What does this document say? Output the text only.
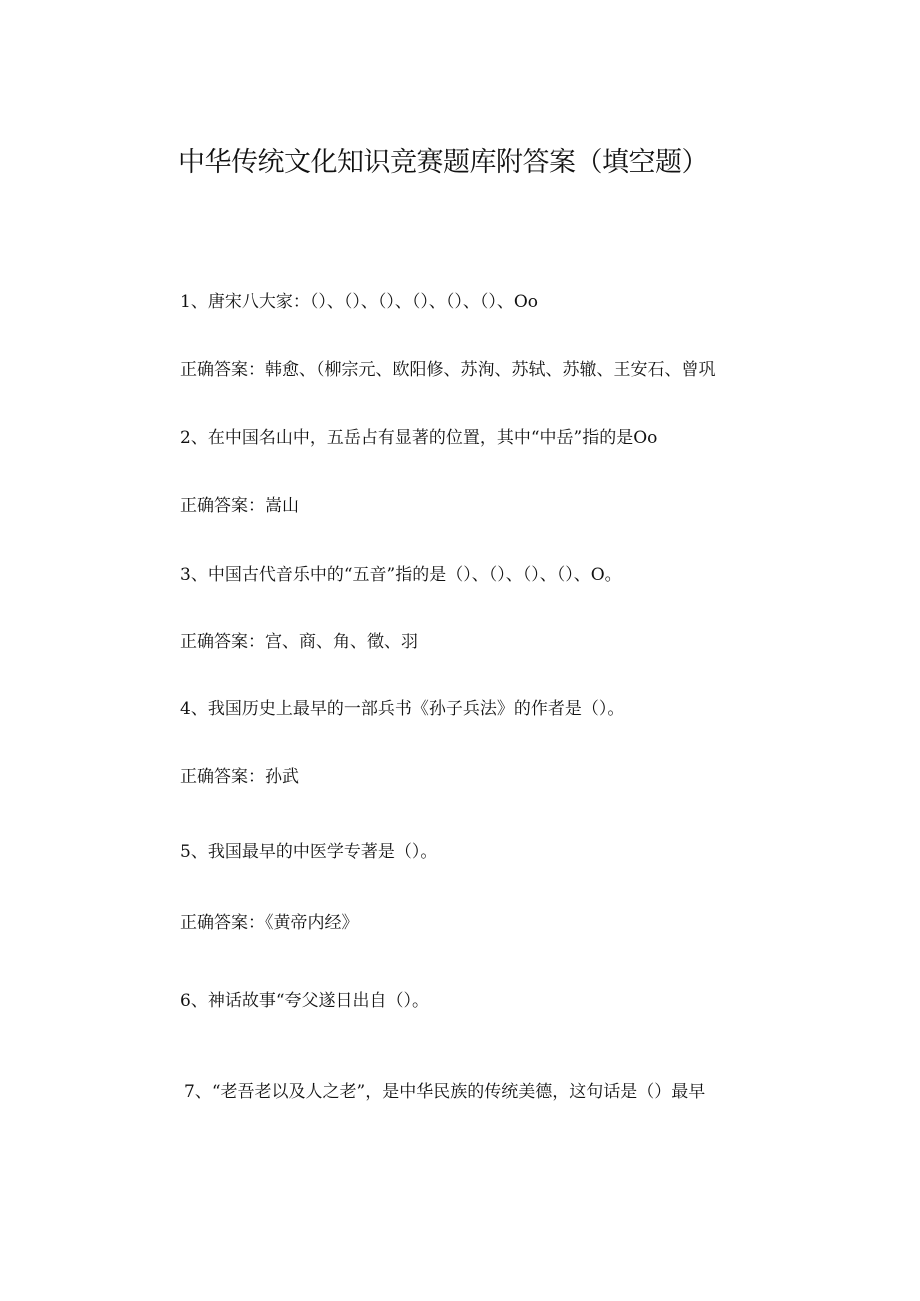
中华传统文化知识竞赛题库附答案（填空题）

1、唐宋八大家：（）、（）、（）、（）、（）、（）、Oo

正确答案：韩愈、（柳宗元、欧阳修、苏洵、苏轼、苏辙、王安石、曾巩

2、在中国名山中，五岳占有显著的位置，其中“中岳”指的是Oo

正确答案：嵩山

3、中国古代音乐中的“五音”指的是（）、（）、（）、（）、O。

正确答案：宫、商、角、徵、羽

4、我国历史上最早的一部兵书《孙子兵法》的作者是（）。

正确答案：孙武

5、我国最早的中医学专著是（）。

正确答案：《黄帝内经》

6、神话故事“夸父遂日出自（）。

7、“老吾老以及人之老”，是中华民族的传统美德，这句话是（）最早
